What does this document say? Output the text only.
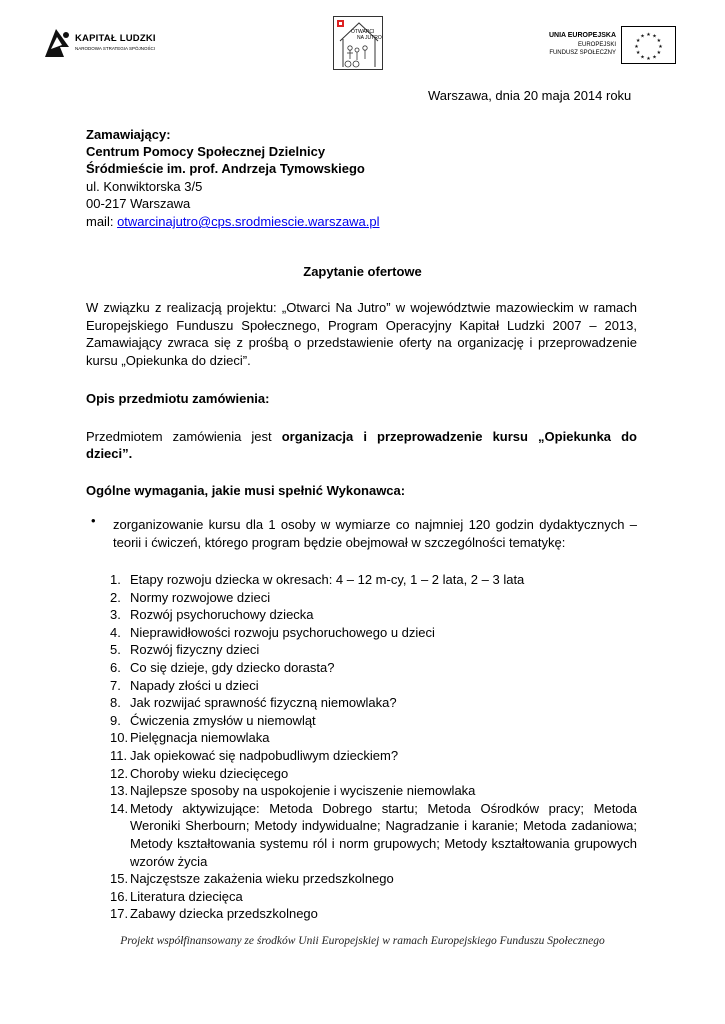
KAPITAŁ LUDZKI
NARODOWA STRATEGIA SPÓJNOŚCI
OTWARCI
NA JUTRO	UNIA EUROPEJSKA
EUROPEJSKI
FUNDUSZ SPOŁECZNY
★ ★
★
★
★
★
★
★
★
★
★
★
Warszawa, dnia 20 maja 2014 roku
Zamawiający:
Centrum Pomocy Społecznej Dzielnicy
Śródmieście im. prof. Andrzeja Tymowskiego
ul. Konwiktorska 3/5
00-217 Warszawa
mail: otwarcinajutro@cps.srodmiescie.warszawa.pl
Zapytanie ofertowe
W związku z realizacją projektu: „Otwarci Na Jutro” w województwie mazowieckim w ramach
Europejskiego Funduszu Społecznego, Program Operacyjny Kapitał Ludzki 2007 – 2013,
Zamawiający zwraca się z prośbą o przedstawienie oferty na organizację i przeprowadzenie
kursu „Opiekunka do dzieci”.
Opis przedmiotu zamówienia:
Przedmiotem zamówienia jest organizacja i przeprowadzenie kursu „Opiekunka do
dzieci”.
Ogólne wymagania, jakie musi spełnić Wykonawca:
• zorganizowanie kursu dla 1 osoby w wymiarze co najmniej 120 godzin dydaktycznych –
teorii i ćwiczeń, którego program będzie obejmował w szczególności tematykę:
1. Etapy rozwoju dziecka w okresach: 4 – 12 m-cy, 1 – 2 lata, 2 – 3 lata
2. Normy rozwojowe dzieci
3. Rozwój psychoruchowy dziecka
4. Nieprawidłowości rozwoju psychoruchowego u dzieci
5. Rozwój fizyczny dzieci
6. Co się dzieje, gdy dziecko dorasta?
7. Napady złości u dzieci
8. Jak rozwijać sprawność fizyczną niemowlaka?
9. Ćwiczenia zmysłów u niemowląt
10. Pielęgnacja niemowlaka
11. Jak opiekować się nadpobudliwym dzieckiem?
12. Choroby wieku dziecięcego
13. Najlepsze sposoby na uspokojenie i wyciszenie niemowlaka
14. Metody aktywizujące: Metoda Dobrego startu; Metoda Ośrodków pracy; Metoda Weroniki Sherbourn; Metody indywidualne; Nagradzanie i karanie; Metoda zadaniowa; Metody kształtowania systemu ról i norm grupowych; Metody kształtowania grupowych wzorów życia
15. Najczęstsze zakażenia wieku przedszkolnego
16. Literatura dziecięca
17. Zabawy dziecka przedszkolnego
Projekt współfinansowany ze środków Unii Europejskiej w ramach Europejskiego Funduszu Społecznego
